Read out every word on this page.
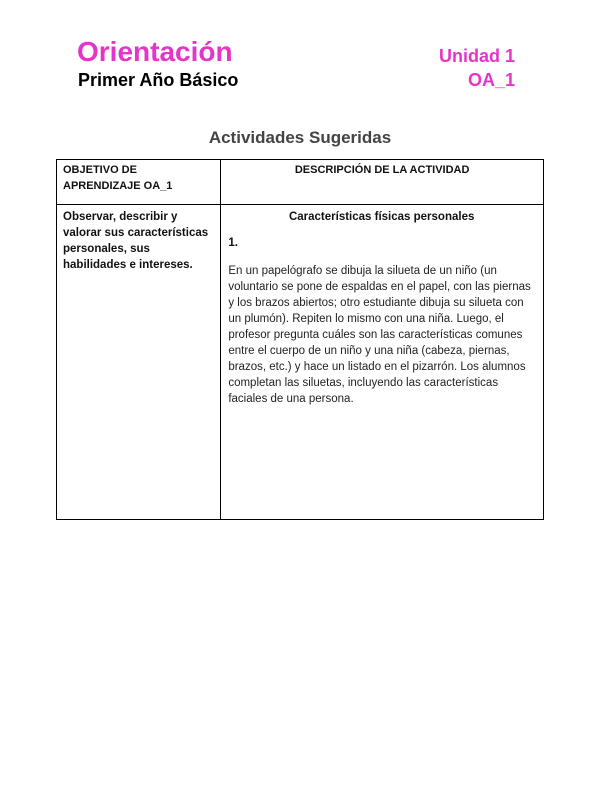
Orientación
Primer Año Básico
Unidad 1
OA_1
Actividades Sugeridas
OBJETIVO DE APRENDIZAJE OA_1	DESCRIPCIÓN DE LA ACTIVIDAD
Observar, describir y valorar sus características personales, sus habilidades e intereses.	Características físicas personales

1.

En un papelógrafo se dibuja la silueta de un niño (un voluntario se pone de espaldas en el papel, con las piernas y los brazos abiertos; otro estudiante dibuja su silueta con un plumón). Repiten lo mismo con una niña. Luego, el profesor pregunta cuáles son las características comunes entre el cuerpo de un niño y una niña (cabeza, piernas, brazos, etc.) y hace un listado en el pizarrón. Los alumnos completan las siluetas, incluyendo las características faciales de una persona.
